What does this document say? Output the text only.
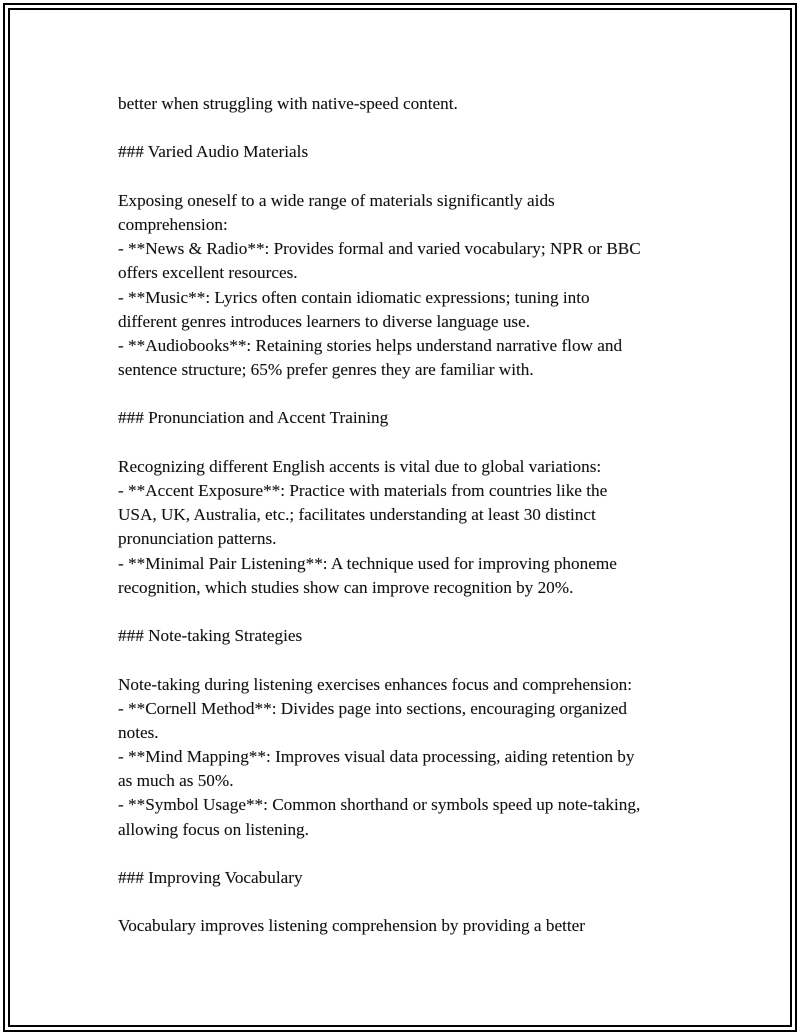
better when struggling with native-speed content.
### Varied Audio Materials
Exposing oneself to a wide range of materials significantly aids
comprehension:
- **News & Radio**: Provides formal and varied vocabulary; NPR or BBC
offers excellent resources.
- **Music**: Lyrics often contain idiomatic expressions; tuning into
different genres introduces learners to diverse language use.
- **Audiobooks**: Retaining stories helps understand narrative flow and
sentence structure; 65% prefer genres they are familiar with.
### Pronunciation and Accent Training
Recognizing different English accents is vital due to global variations:
- **Accent Exposure**: Practice with materials from countries like the
USA, UK, Australia, etc.; facilitates understanding at least 30 distinct
pronunciation patterns.
- **Minimal Pair Listening**: A technique used for improving phoneme
recognition, which studies show can improve recognition by 20%.
### Note-taking Strategies
Note-taking during listening exercises enhances focus and comprehension:
- **Cornell Method**: Divides page into sections, encouraging organized
notes.
- **Mind Mapping**: Improves visual data processing, aiding retention by
as much as 50%.
- **Symbol Usage**: Common shorthand or symbols speed up note-taking,
allowing focus on listening.
### Improving Vocabulary
Vocabulary improves listening comprehension by providing a better
